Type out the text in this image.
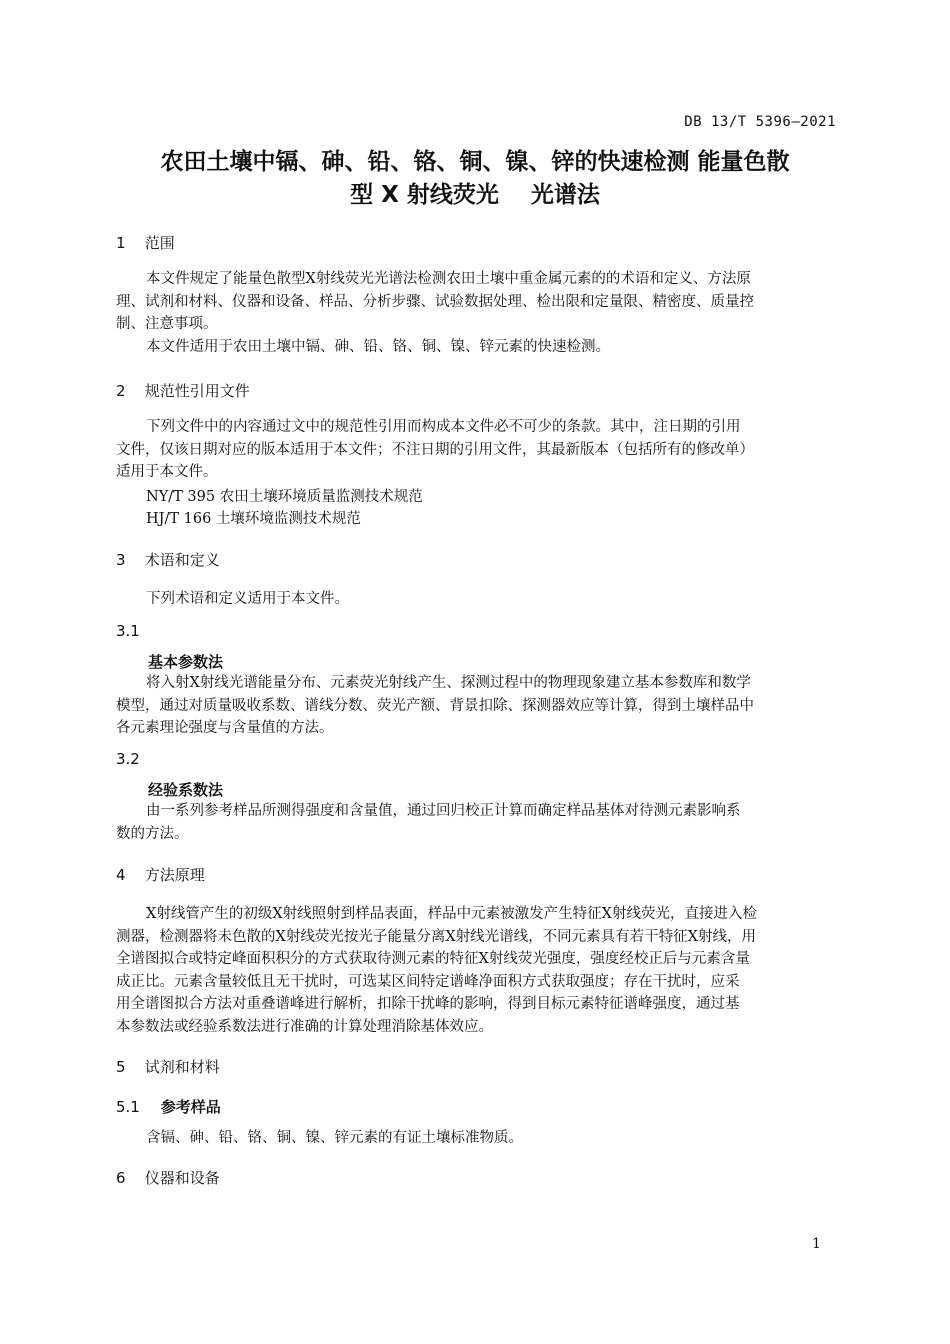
DB 13/T 5396—2021
农田土壤中镉、砷、铅、铬、铜、镍、锌的快速检测 能量色散
型 X 射线荧光    光谱法
1 范围
本文件规定了能量色散型X射线荧光光谱法检测农田土壤中重金属元素的的术语和定义、方法原
理、试剂和材料、仪器和设备、样品、分析步骤、试验数据处理、检出限和定量限、精密度、质量控
制、注意事项。
本文件适用于农田土壤中镉、砷、铅、铬、铜、镍、锌元素的快速检测。
2 规范性引用文件
下列文件中的内容通过文中的规范性引用而构成本文件必不可少的条款。其中，注日期的引用
文件，仅该日期对应的版本适用于本文件；不注日期的引用文件，其最新版本（包括所有的修改单）
适用于本文件。
NY/T 395 农田土壤环境质量监测技术规范
HJ/T 166 土壤环境监测技术规范
3 术语和定义
下列术语和定义适用于本文件。
3.1
基本参数法
将入射X射线光谱能量分布、元素荧光射线产生、探测过程中的物理现象建立基本参数库和数学
模型，通过对质量吸收系数、谱线分数、荧光产额、背景扣除、探测器效应等计算，得到土壤样品中
各元素理论强度与含量值的方法。
3.2
经验系数法
由一系列参考样品所测得强度和含量值，通过回归校正计算而确定样品基体对待测元素影响系
数的方法。
4 方法原理
X射线管产生的初级X射线照射到样品表面，样品中元素被激发产生特征X射线荧光，直接进入检
测器，检测器将未色散的X射线荧光按光子能量分离X射线光谱线，不同元素具有若干特征X射线，用
全谱图拟合或特定峰面积积分的方式获取待测元素的特征X射线荧光强度，强度经校正后与元素含量
成正比。元素含量较低且无干扰时，可选某区间特定谱峰净面积方式获取强度；存在干扰时，应采
用全谱图拟合方法对重叠谱峰进行解析，扣除干扰峰的影响，得到目标元素特征谱峰强度，通过基
本参数法或经验系数法进行准确的计算处理消除基体效应。
5 试剂和材料
5.1 参考样品
含镉、砷、铅、铬、铜、镍、锌元素的有证土壤标准物质。
6 仪器和设备
1
